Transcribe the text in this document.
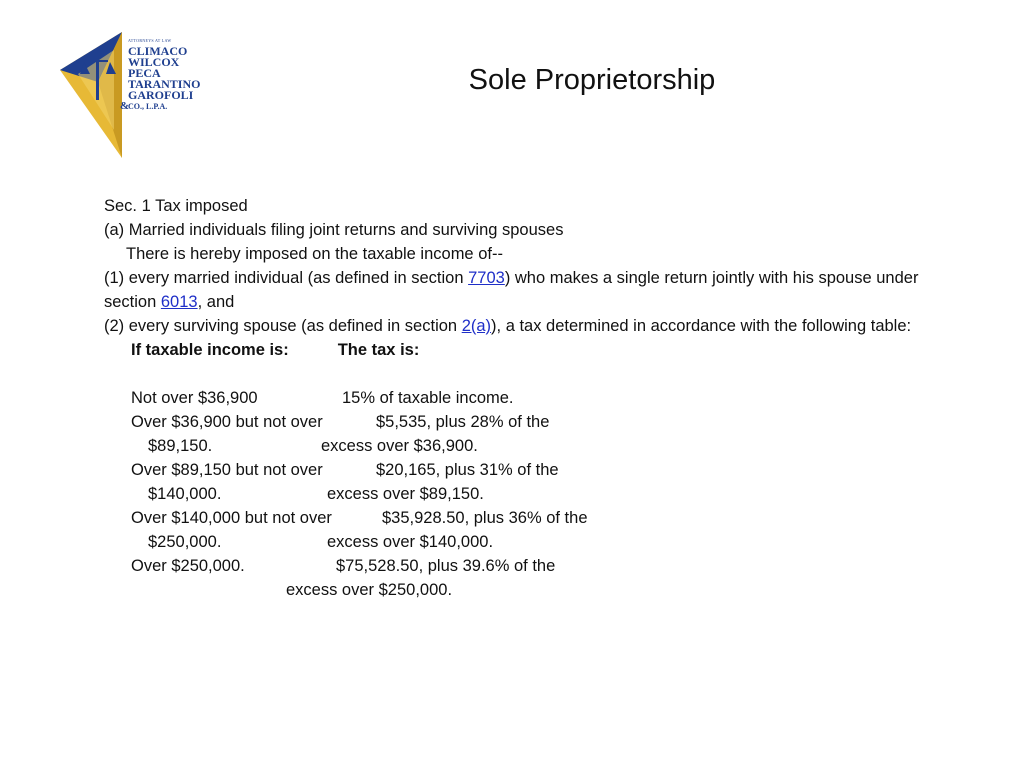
ATTORNEYS AT LAW
CLIMACO
WILCOX
PECA
TARANTINO
GAROFOLI
&
CO., L.P.A.
Sole Proprietorship

Sec. 1 Tax imposed

(a) Married individuals filing joint returns and surviving spouses

There is hereby imposed on the taxable income of--

(1) every married individual (as defined in section 7703) who makes a single return jointly with his spouse under section 6013, and

(2) every surviving spouse (as defined in section 2(a)), a tax determined in accordance with the following table:

If taxable income is:	The tax is:
Not over $36,900	15% of taxable income.
Over $36,900 but not over	$5,535, plus 28% of the
$89,150.	excess over $36,900.
Over $89,150 but not over	$20,165, plus 31% of the
$140,000.	excess over $89,150.
Over $140,000 but not over	$35,928.50, plus 36% of the
$250,000.	excess over $140,000.
Over $250,000.	$75,528.50, plus 39.6% of the
excess over $250,000.
